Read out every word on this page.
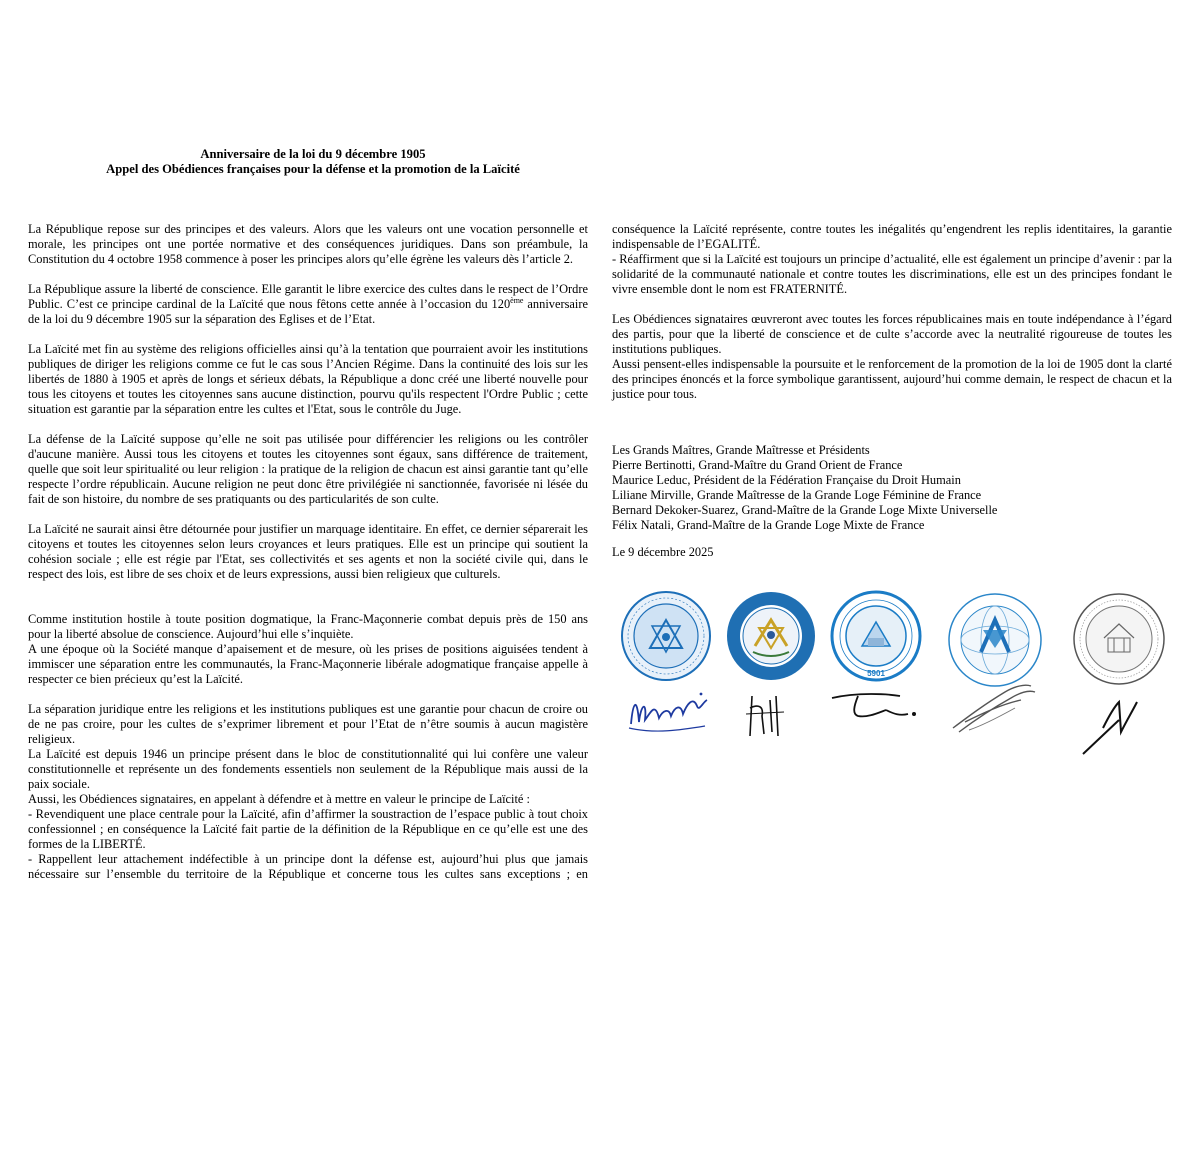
Anniversaire de la loi du 9 décembre 1905
Appel des Obédiences françaises pour la défense et la promotion de la Laïcité

La République repose sur des principes et des valeurs. Alors que les valeurs ont une vocation personnelle et morale, les principes ont une portée normative et des conséquences juridiques. Dans son préambule, la Constitution du 4 octobre 1958 commence à poser les principes alors qu’elle égrène les valeurs dès l’article 2.

La République assure la liberté de conscience. Elle garantit le libre exercice des cultes dans le respect de l’Ordre Public. C’est ce principe cardinal de la Laïcité que nous fêtons cette année à l’occasion du 120ème anniversaire de la loi du 9 décembre 1905 sur la séparation des Eglises et de l’Etat.

La Laïcité met fin au système des religions officielles ainsi qu’à la tentation que pourraient avoir les institutions publiques de diriger les religions comme ce fut le cas sous l’Ancien Régime. Dans la continuité des lois sur les libertés de 1880 à 1905 et après de longs et sérieux débats, la République a donc créé une liberté nouvelle pour tous les citoyens et toutes les citoyennes sans aucune distinction, pourvu qu'ils respectent l'Ordre Public ; cette situation est garantie par la séparation entre les cultes et l'Etat, sous le contrôle du Juge.

La défense de la Laïcité suppose qu’elle ne soit pas utilisée pour différencier les religions ou les contrôler d'aucune manière. Aussi tous les citoyens et toutes les citoyennes sont égaux, sans différence de traitement, quelle que soit leur spiritualité ou leur religion : la pratique de la religion de chacun est ainsi garantie tant qu’elle respecte l’ordre républicain. Aucune religion ne peut donc être privilégiée ni sanctionnée, favorisée ni lésée du fait de son histoire, du nombre de ses pratiquants ou des particularités de son culte.

La Laïcité ne saurait ainsi être détournée pour justifier un marquage identitaire. En effet, ce dernier séparerait les citoyens et toutes les citoyennes selon leurs croyances et leurs pratiques. Elle est un principe qui soutient la cohésion sociale ; elle est régie par l'Etat, ses collectivités et ses agents et non la société civile qui, dans le respect des lois, est libre de ses choix et de leurs expressions, aussi bien religieux que culturels.

Comme institution hostile à toute position dogmatique, la Franc-Maçonnerie combat depuis près de 150 ans pour la liberté absolue de conscience. Aujourd’hui elle s’inquiète.

A une époque où la Société manque d’apaisement et de mesure, où les prises de positions aiguisées tendent à immiscer une séparation entre les communautés, la Franc-Maçonnerie libérale adogmatique française appelle à respecter ce bien précieux qu’est la Laïcité.

La séparation juridique entre les religions et les institutions publiques est une garantie pour chacun de croire ou de ne pas croire, pour les cultes de s’exprimer librement et pour l’Etat de n’être soumis à aucun magistère religieux.

La Laïcité est depuis 1946 un principe présent dans le bloc de constitutionnalité qui lui confère une valeur constitutionnelle et représente un des fondements essentiels non seulement de la République mais aussi de la paix sociale.

Aussi, les Obédiences signataires, en appelant à défendre et à mettre en valeur le principe de Laïcité :

- Revendiquent une place centrale pour la Laïcité, afin d’affirmer la soustraction de l’espace public à tout choix confessionnel ; en conséquence la Laïcité fait partie de la définition de la République en ce qu’elle est une des formes de la LIBERTÉ.

- Rappellent leur attachement indéfectible à un principe dont la défense est, aujourd’hui plus que jamais nécessaire sur l’ensemble du territoire de la République et concerne tous les cultes sans exceptions ; en

conséquence la Laïcité représente, contre toutes les inégalités qu’engendrent les replis identitaires, la garantie indispensable de l’EGALITÉ.

- Réaffirment que si la Laïcité est toujours un principe d’actualité, elle est également un principe d’avenir : par la solidarité de la communauté nationale et contre toutes les discriminations, elle est un des principes fondant le vivre ensemble dont le nom est FRATERNITÉ.

Les Obédiences signataires œuvreront avec toutes les forces républicaines mais en toute indépendance à l’égard des partis, pour que la liberté de conscience et de culte s’accorde avec la neutralité rigoureuse de toutes les institutions publiques.

Aussi pensent-elles indispensable la poursuite et le renforcement de la promotion de la loi de 1905 dont la clarté des principes énoncés et la force symbolique garantissent, aujourd’hui comme demain, le respect de chacun et la justice pour tous.

Les Grands Maîtres, Grande Maîtresse et Présidents
Pierre Bertinotti, Grand-Maître du Grand Orient de France
Maurice Leduc, Président de la Fédération Française du Droit Humain
Liliane Mirville, Grande Maîtresse de la Grande Loge Féminine de France
Bernard Dekoker-Suarez, Grand-Maître de la Grande Loge Mixte Universelle
Félix Natali, Grand-Maître de la Grande Loge Mixte de France
Le 9 décembre 2025
5901
